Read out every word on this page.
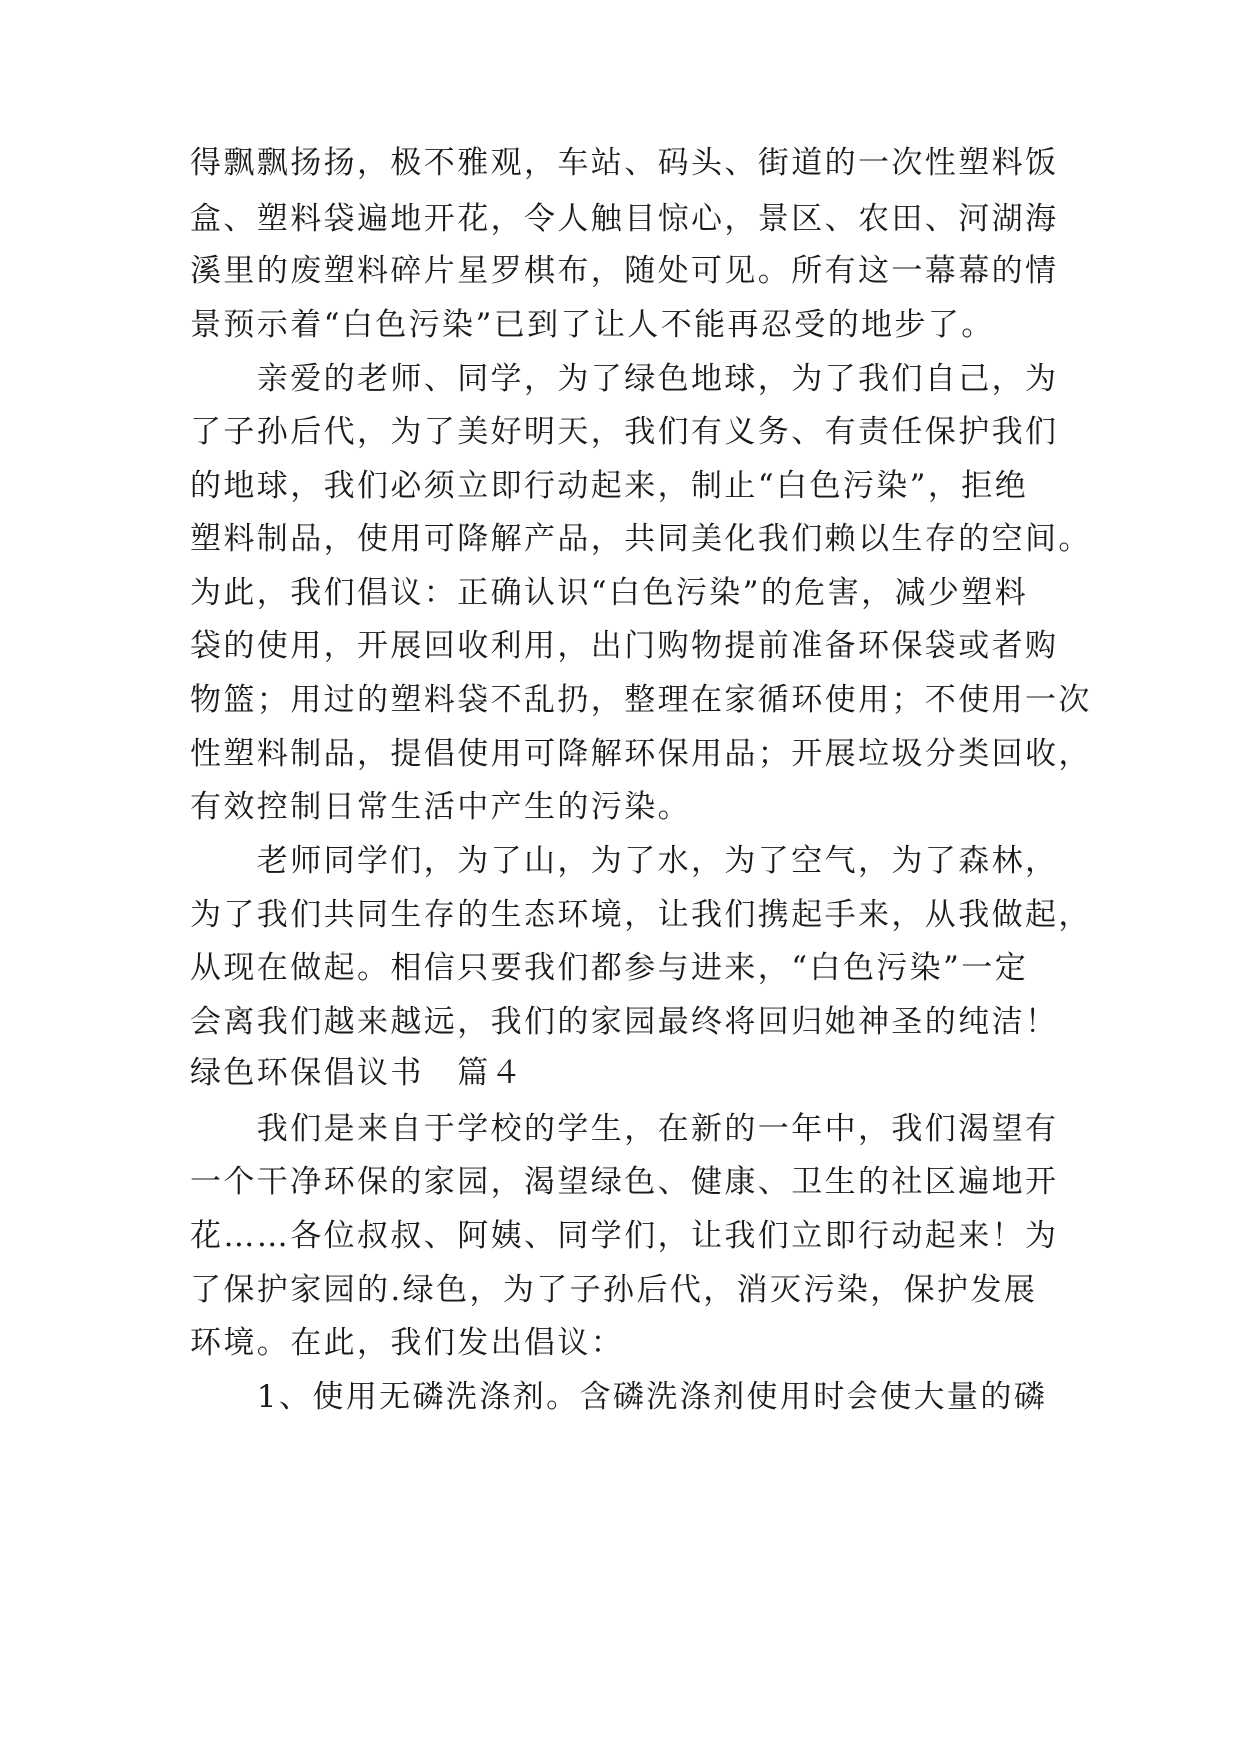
得飘飘扬扬，极不雅观，车站、码头、街道的一次性塑料饭
盒、塑料袋遍地开花，令人触目惊心，景区、农田、河湖海
溪里的废塑料碎片星罗棋布，随处可见。所有这一幕幕的情
景预示着“白色污染”已到了让人不能再忍受的地步了。
　　亲爱的老师、同学，为了绿色地球，为了我们自己，为
了子孙后代，为了美好明天，我们有义务、有责任保护我们
的地球，我们必须立即行动起来，制止“白色污染”，拒绝
塑料制品，使用可降解产品，共同美化我们赖以生存的空间。
为此，我们倡议：正确认识“白色污染”的危害，减少塑料
袋的使用，开展回收利用，出门购物提前准备环保袋或者购
物篮；用过的塑料袋不乱扔，整理在家循环使用；不使用一次
性塑料制品，提倡使用可降解环保用品；开展垃圾分类回收，
有效控制日常生活中产生的污染。
　　老师同学们，为了山，为了水，为了空气，为了森林，
为了我们共同生存的生态环境，让我们携起手来，从我做起，
从现在做起。相信只要我们都参与进来，“白色污染”一定
会离我们越来越远，我们的家园最终将回归她神圣的纯洁！
绿色环保倡议书　篇４
　　我们是来自于学校的学生，在新的一年中，我们渴望有
一个干净环保的家园，渴望绿色、健康、卫生的社区遍地开
花……各位叔叔、阿姨、同学们，让我们立即行动起来！为
了保护家园的.绿色，为了子孙后代，消灭污染，保护发展
环境。在此，我们发出倡议：
　　1、使用无磷洗涤剂。含磷洗涤剂使用时会使大量的磷
